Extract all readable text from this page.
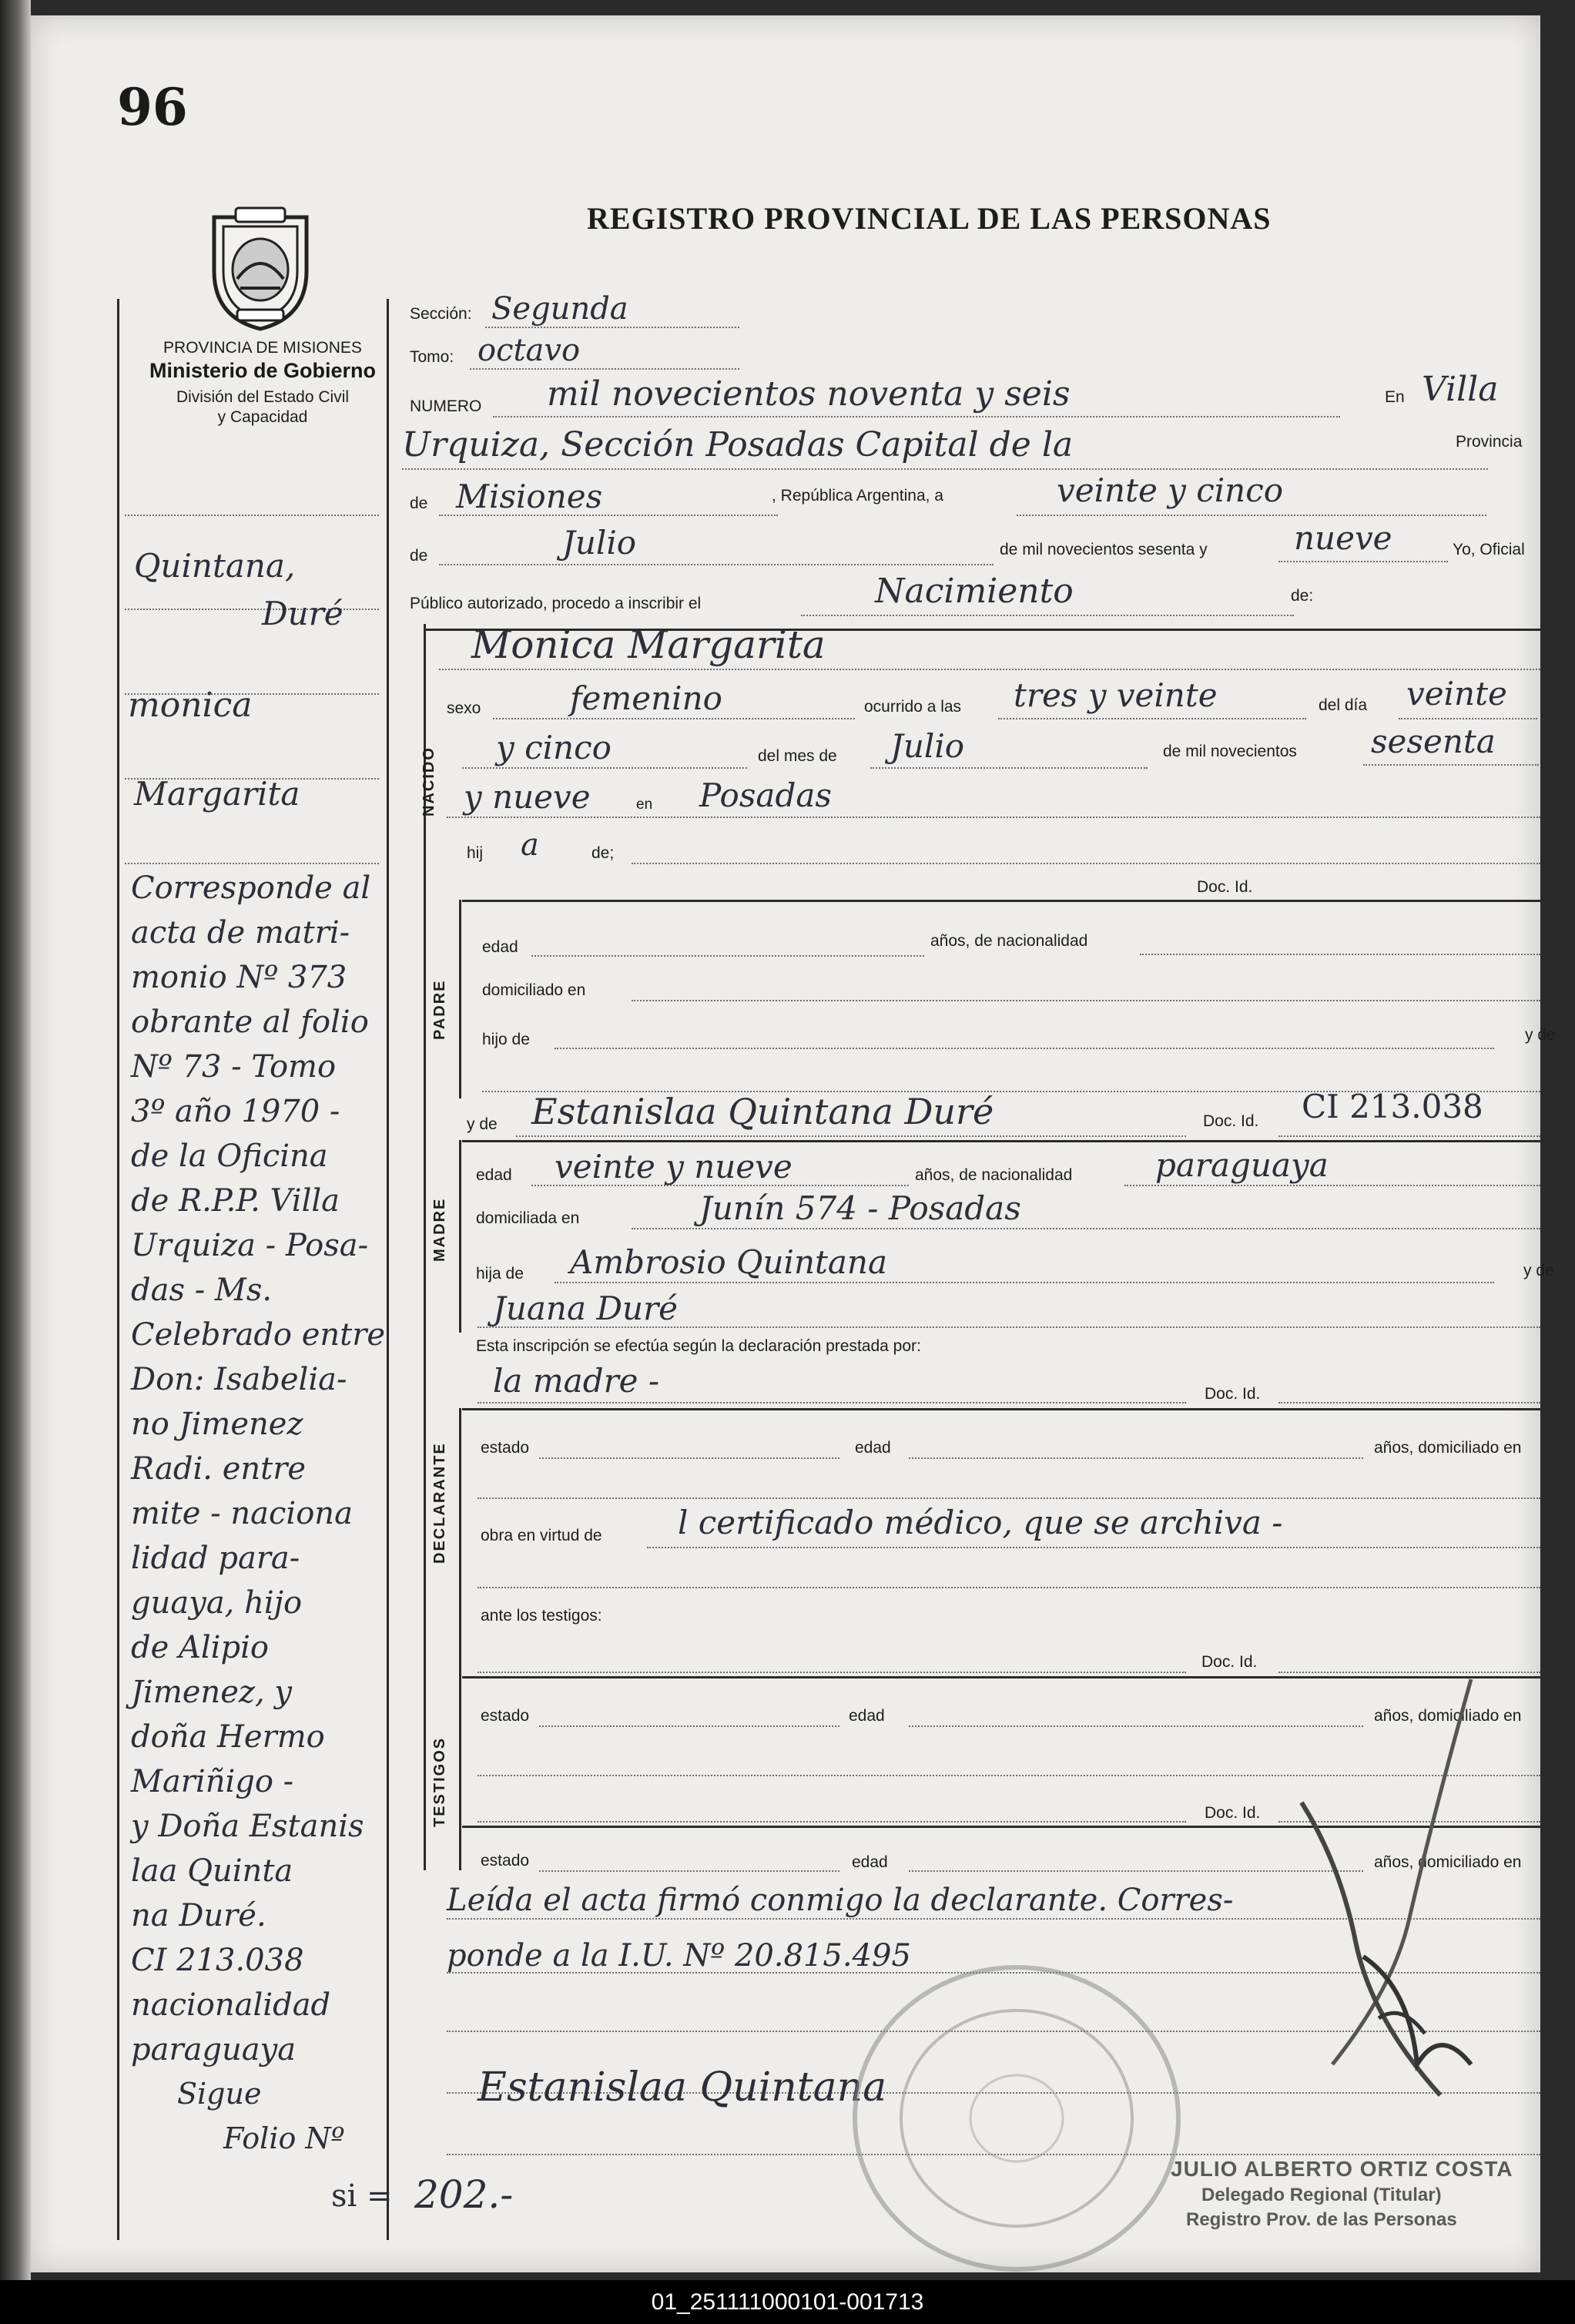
96
REGISTRO PROVINCIAL DE LAS PERSONAS
PROVINCIA DE MISIONES
Ministerio de Gobierno
División del Estado Civil
y Capacidad
Quintana,
Duré
monica
Margarita
Corresponde al
acta de matri-
monio Nº 373
obrante al folio
Nº 73 - Tomo
3º año 1970 -
de la Oficina
de R.P.P. Villa
Urquiza - Posa-
das - Ms.
Celebrado entre
Don: Isabelia-
no Jimenez
Radi. entre
mite - naciona
lidad para-
guaya, hijo
de Alipio
Jimenez, y
doña Hermo
Mariñigo -
y Doña Estanis
laa Quinta
na Duré.
CI 213.038
nacionalidad
paraguaya
Sigue
Folio Nº
si = 202.-
Sección: Segunda
Tomo: octavo
NUMERO mil novecientos noventa y seis	En Villa
Urquiza, Sección Posadas Capital de la	Provincia
de Misiones	, República Argentina, a	veinte y cinco
de	Julio	de mil novecientos sesenta y	nueve	Yo, Oficial
Público autorizado, procedo a inscribir el	Nacimiento	de:
NACIDO
Monica Margarita
sexo	femenino	ocurrido a las tres y veinte	del día veinte
y cinco	del mes de Julio	de mil novecientos sesenta
y nueve	en Posadas
hij a	de;
Doc. Id.
PADRE
edad	años, de nacionalidad
domiciliado en
hijo de	y de
y de Estanislaa Quintana Duré	Doc. Id. CI 213.038
MADRE
edad veinte y nueve	años, de nacionalidad	paraguaya
domiciliada en	Junín 574 - Posadas
hija de Ambrosio Quintana	y de
Juana Duré
Esta inscripción se efectúa según la declaración prestada por:
la madre -	Doc. Id.
DECLARANTE estado	edad	años, domiciliado en
obra en virtud de l certificado médico, que se archiva -
ante los testigos:
Doc. Id.
TESTIGOS
estado	edad	años, domiciliado en
Doc. Id.
estado	edad	años, domiciliado en
Leída el acta firmó conmigo la declarante. Corres-
ponde a la I.U. Nº 20.815.495
Estanislaa Quintana
JULIO ALBERTO ORTIZ COSTA
Delegado Regional (Titular)
Registro Prov. de las Personas
01_251111000101-001713
